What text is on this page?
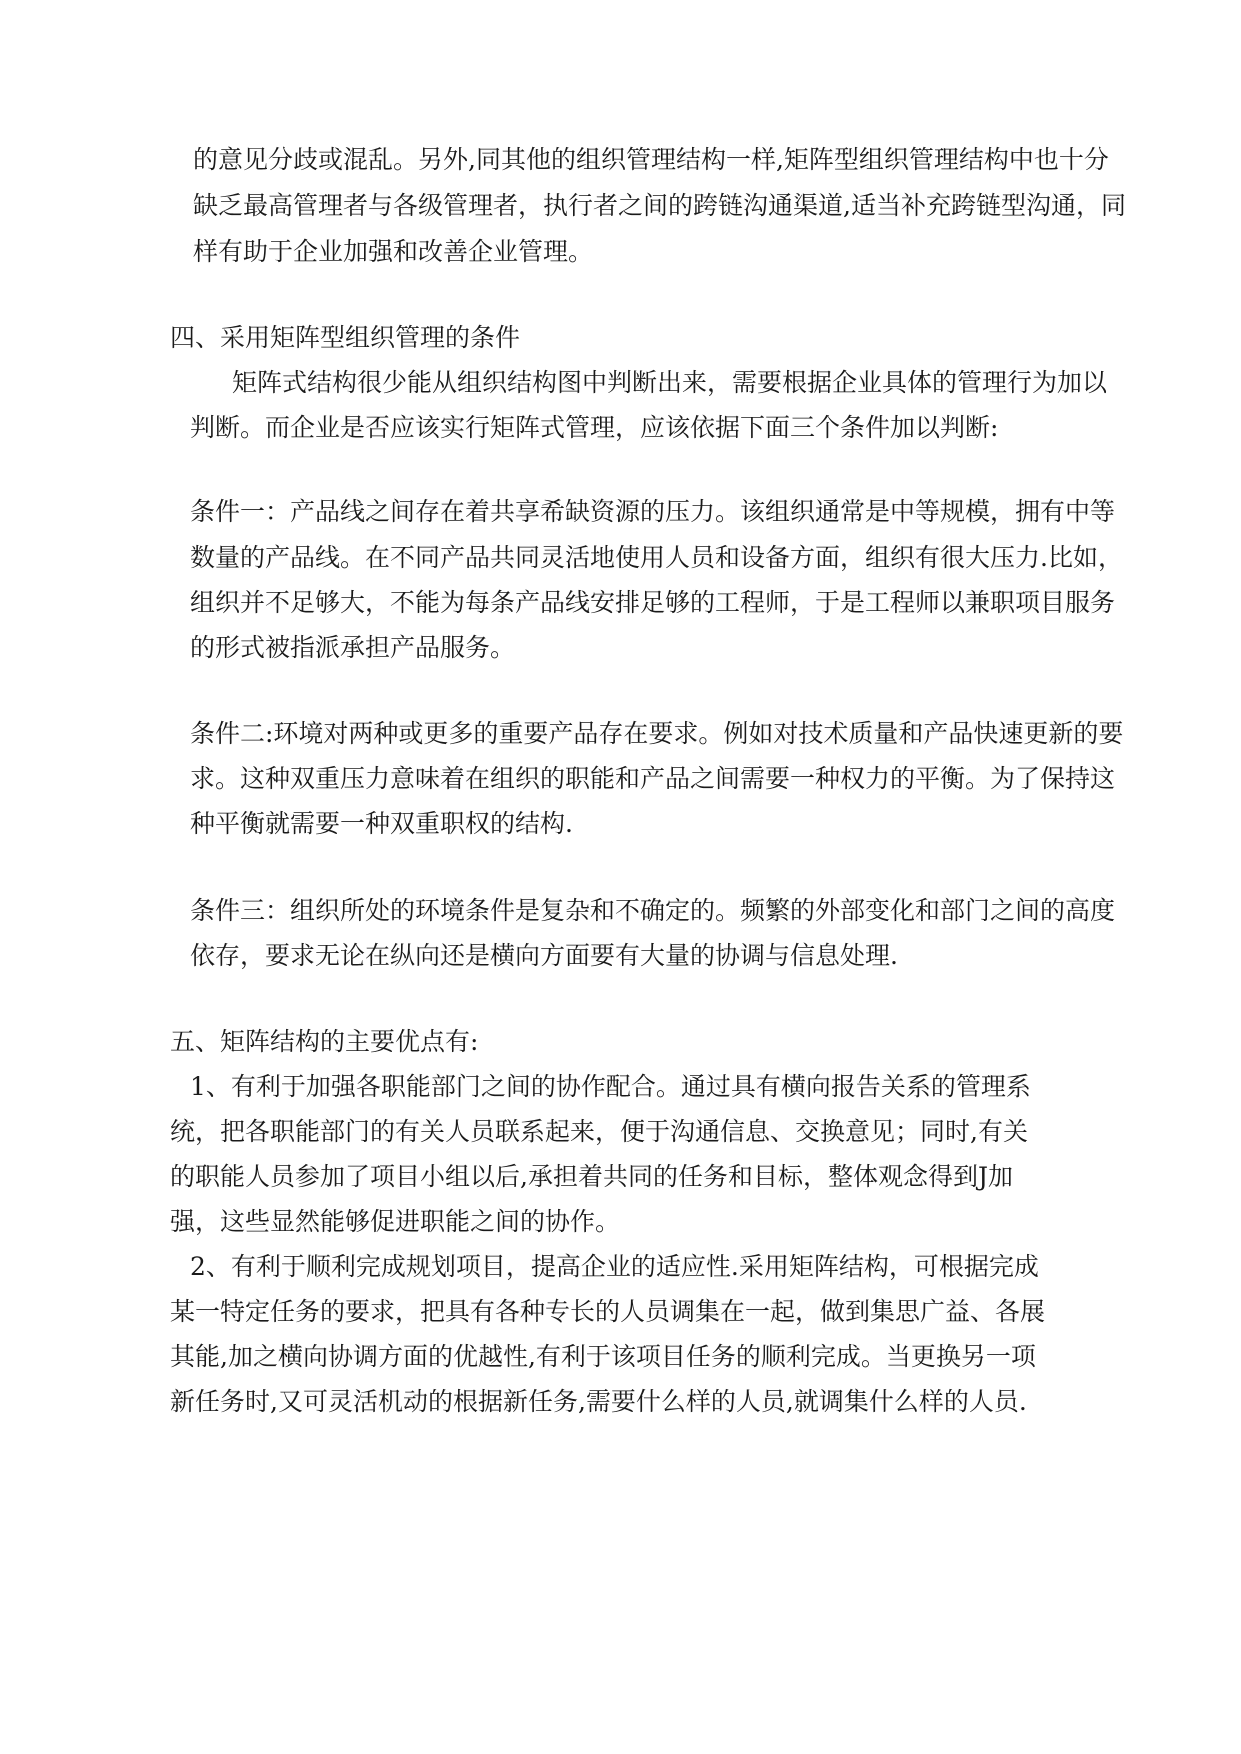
的意见分歧或混乱。另外,同其他的组织管理结构一样,矩阵型组织管理结构中也十分
缺乏最高管理者与各级管理者，执行者之间的跨链沟通渠道,适当补充跨链型沟通，同
样有助于企业加强和改善企业管理。
四、采用矩阵型组织管理的条件
矩阵式结构很少能从组织结构图中判断出来，需要根据企业具体的管理行为加以
判断。而企业是否应该实行矩阵式管理，应该依据下面三个条件加以判断:
条件一：产品线之间存在着共享希缺资源的压力。该组织通常是中等规模，拥有中等
数量的产品线。在不同产品共同灵活地使用人员和设备方面，组织有很大压力.比如，
组织并不足够大，不能为每条产品线安排足够的工程师，于是工程师以兼职项目服务
的形式被指派承担产品服务。
条件二:环境对两种或更多的重要产品存在要求。例如对技术质量和产品快速更新的要
求。这种双重压力意味着在组织的职能和产品之间需要一种权力的平衡。为了保持这
种平衡就需要一种双重职权的结构.
条件三：组织所处的环境条件是复杂和不确定的。频繁的外部变化和部门之间的高度
依存，要求无论在纵向还是横向方面要有大量的协调与信息处理.
五、矩阵结构的主要优点有:
1、有利于加强各职能部门之间的协作配合。通过具有横向报告关系的管理系
统，把各职能部门的有关人员联系起来，便于沟通信息、交换意见；同时,有关
的职能人员参加了项目小组以后,承担着共同的任务和目标，整体观念得到J加
强，这些显然能够促进职能之间的协作。
2、有利于顺利完成规划项目，提高企业的适应性.采用矩阵结构，可根据完成
某一特定任务的要求，把具有各种专长的人员调集在一起，做到集思广益、各展
其能,加之横向协调方面的优越性,有利于该项目任务的顺利完成。当更换另一项
新任务时,又可灵活机动的根据新任务,需要什么样的人员,就调集什么样的人员.
